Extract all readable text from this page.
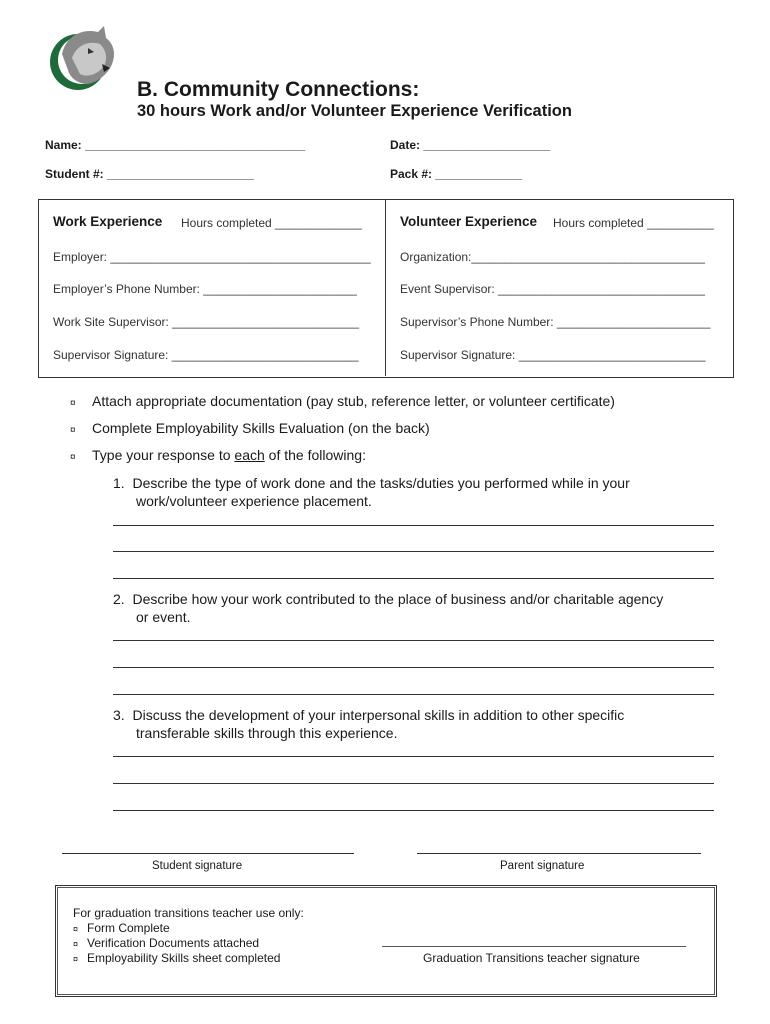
B. Community Connections:
30 hours Work and/or Volunteer Experience Verification
Name: _________________________________	Date: ___________________
Student #: ______________________	Pack #: _____________
Work Experience Hours completed _____________
Employer: _______________________________________
Employer’s Phone Number: _______________________
Work Site Supervisor: ____________________________
Supervisor Signature: ____________________________
Volunteer Experience Hours completed __________
Organization:___________________________________
Event Supervisor: _______________________________
Supervisor’s Phone Number: _______________________
Supervisor Signature: ____________________________
¤ Attach appropriate documentation (pay stub, reference letter, or volunteer certificate)
¤ Complete Employability Skills Evaluation (on the back)
¤ Type your response to each of the following:
1. Describe the type of work done and the tasks/duties you performed while in your
work/volunteer experience placement.
2. Describe how your work contributed to the place of business and/or charitable agency
or event.
3. Discuss the development of your interpersonal skills in addition to other specific
transferable skills through this experience.
Student signature	Parent signature
For graduation transitions teacher use only:
¤ Form Complete
¤ Verification Documents attached
¤ Employability Skills sheet completed	Graduation Transitions teacher signature
